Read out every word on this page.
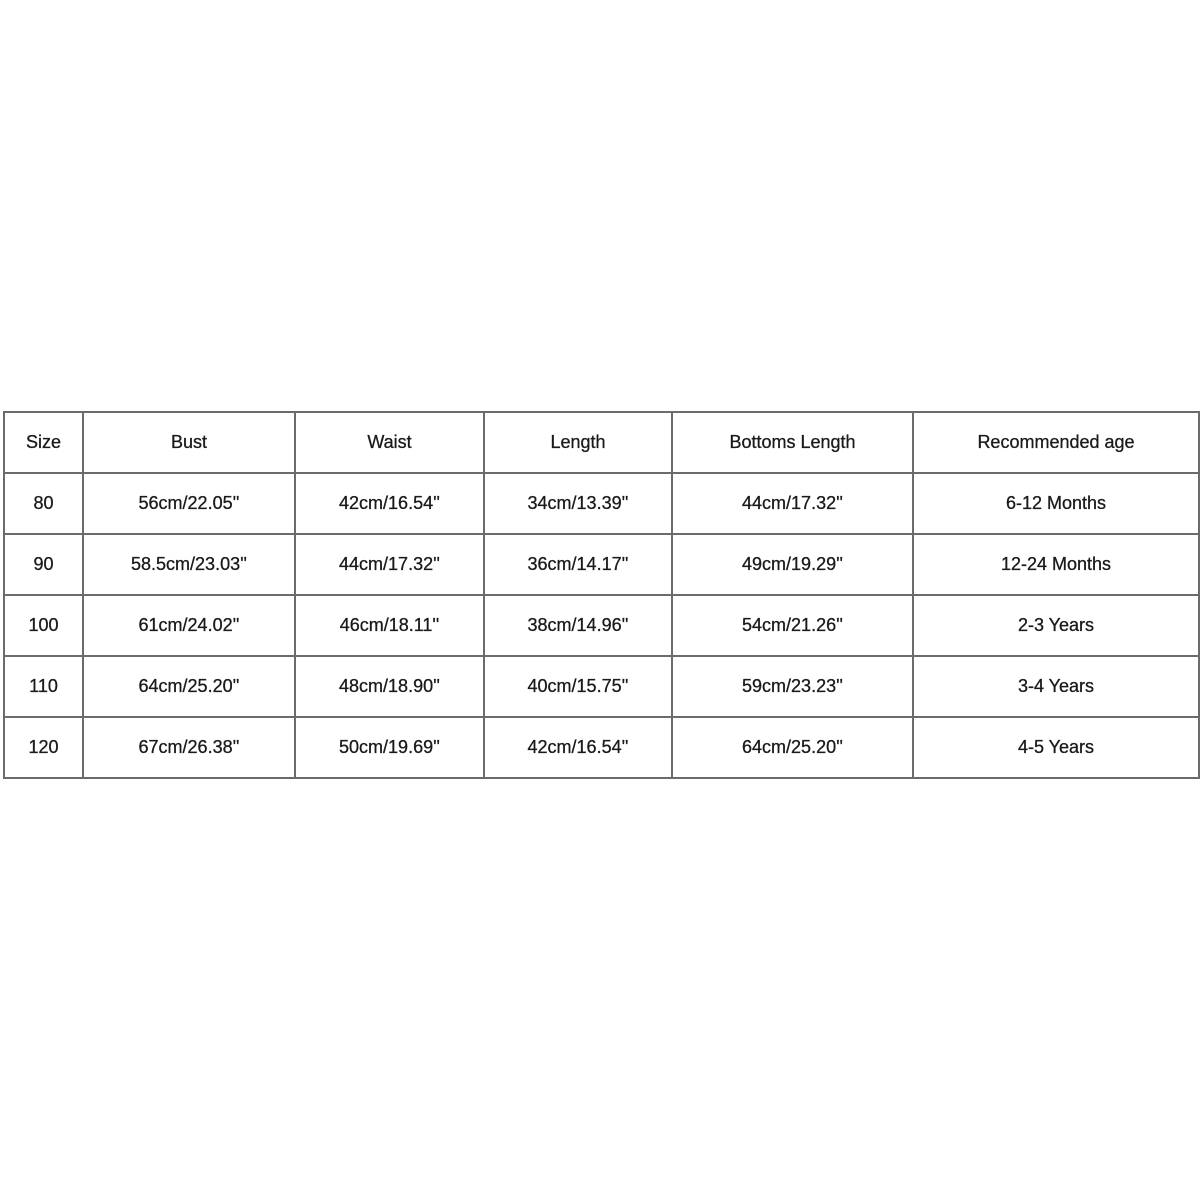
Size	Bust	Waist	Length	Bottoms Length	Recommended age
80	56cm/22.05''	42cm/16.54''	34cm/13.39''	44cm/17.32''	6-12 Months
90	58.5cm/23.03''	44cm/17.32''	36cm/14.17''	49cm/19.29''	12-24 Months
100	61cm/24.02''	46cm/18.11''	38cm/14.96''	54cm/21.26''	2-3 Years
110	64cm/25.20''	48cm/18.90''	40cm/15.75''	59cm/23.23''	3-4 Years
120	67cm/26.38''	50cm/19.69''	42cm/16.54''	64cm/25.20''	4-5 Years
